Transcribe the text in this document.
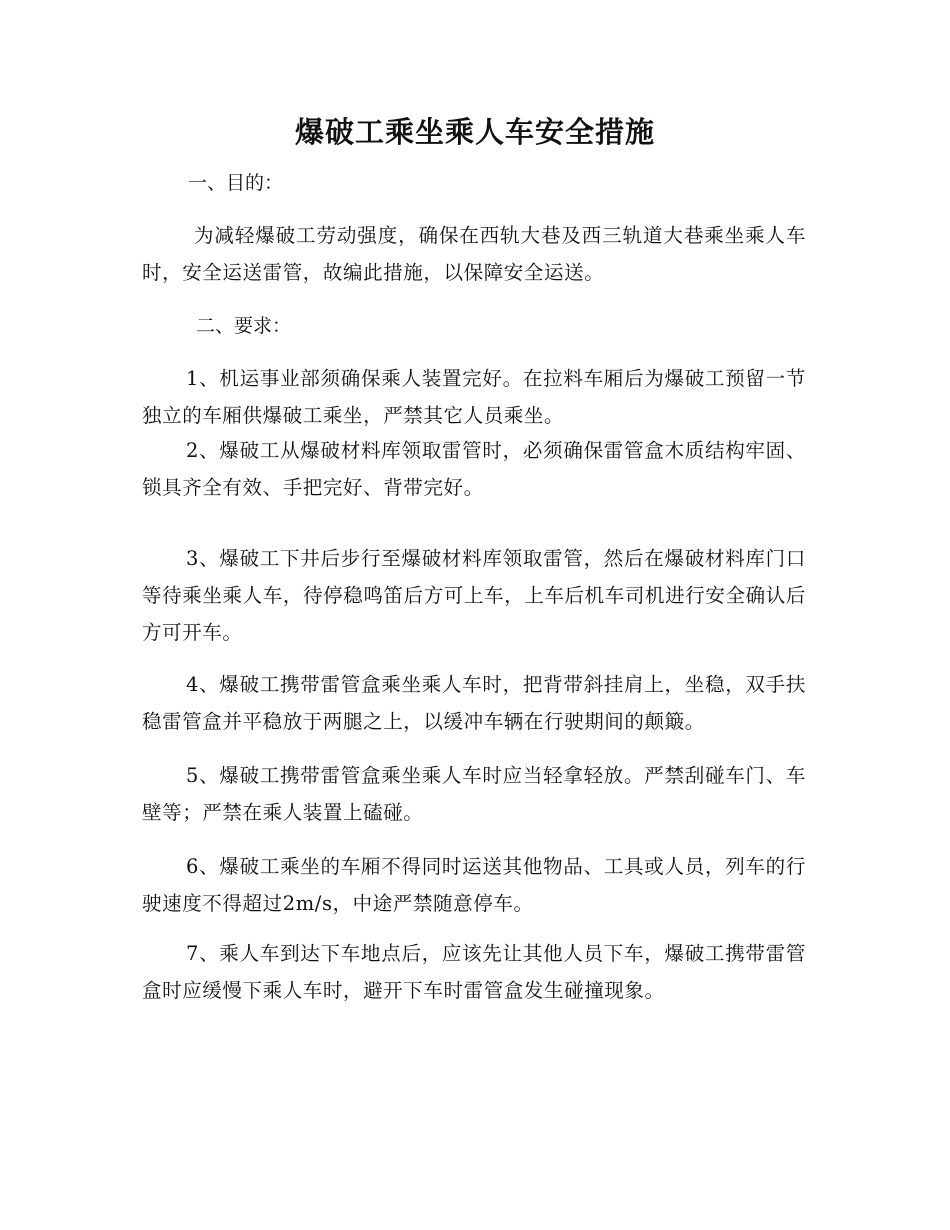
爆破工乘坐乘人车安全措施
一、目的：
为减轻爆破工劳动强度，确保在西轨大巷及西三轨道大巷乘坐乘人车时，安全运送雷管，故编此措施，以保障安全运送。
二、要求：
1、机运事业部须确保乘人装置完好。在拉料车厢后为爆破工预留一节独立的车厢供爆破工乘坐，严禁其它人员乘坐。
2、爆破工从爆破材料库领取雷管时，必须确保雷管盒木质结构牢固、锁具齐全有效、手把完好、背带完好。
3、爆破工下井后步行至爆破材料库领取雷管，然后在爆破材料库门口等待乘坐乘人车，待停稳鸣笛后方可上车，上车后机车司机进行安全确认后方可开车。
4、爆破工携带雷管盒乘坐乘人车时，把背带斜挂肩上，坐稳，双手扶稳雷管盒并平稳放于两腿之上，以缓冲车辆在行驶期间的颠簸。
5、爆破工携带雷管盒乘坐乘人车时应当轻拿轻放。严禁刮碰车门、车壁等；严禁在乘人装置上磕碰。
6、爆破工乘坐的车厢不得同时运送其他物品、工具或人员，列车的行驶速度不得超过2m/s，中途严禁随意停车。
7、乘人车到达下车地点后，应该先让其他人员下车，爆破工携带雷管盒时应缓慢下乘人车时，避开下车时雷管盒发生碰撞现象。
